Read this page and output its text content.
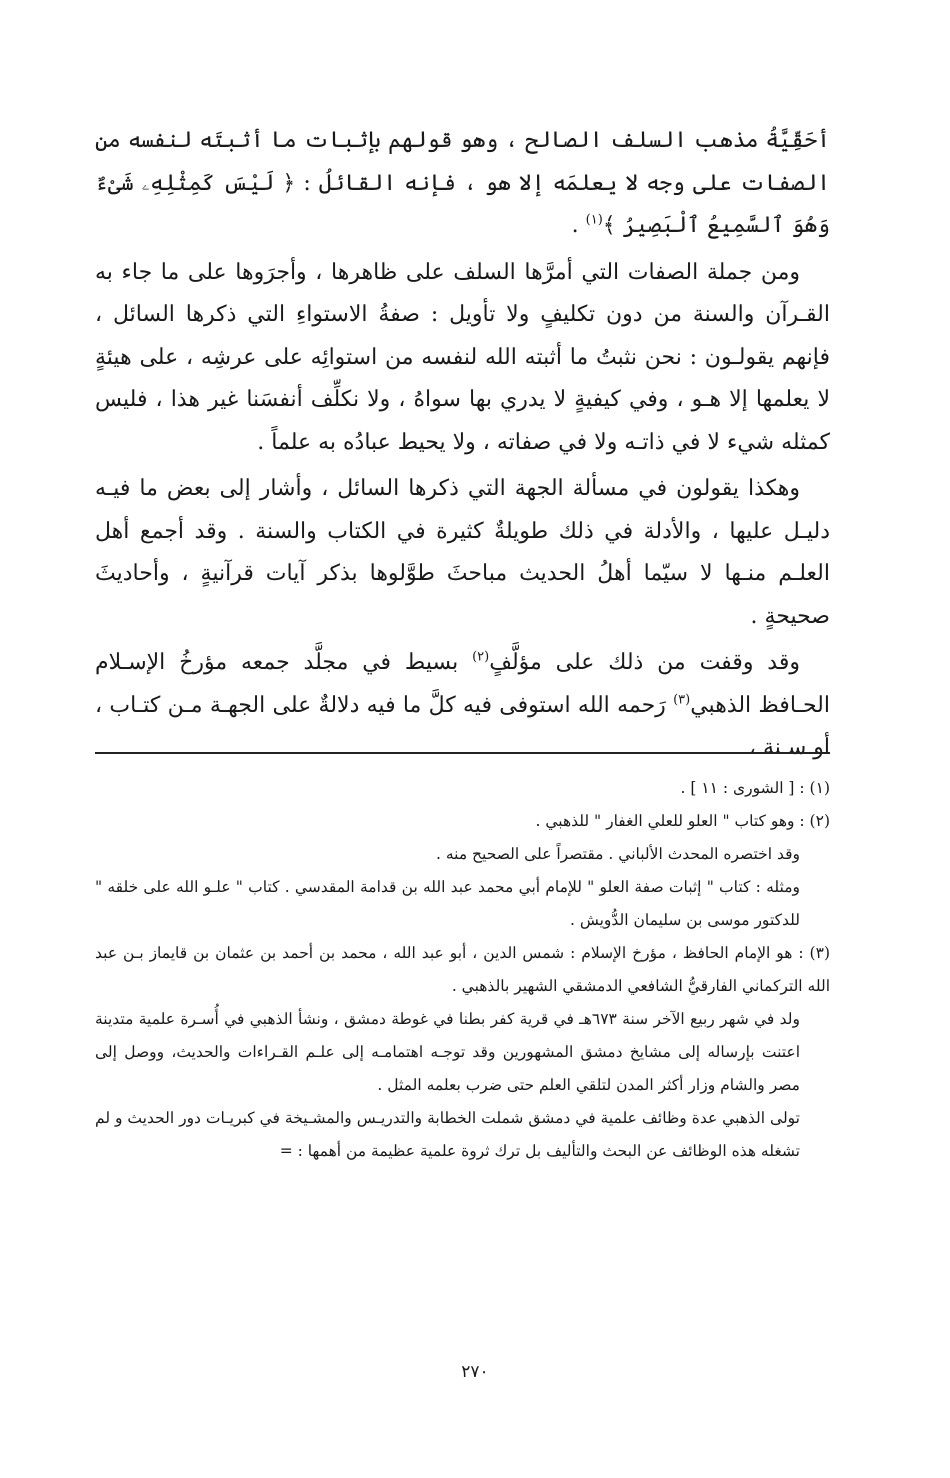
أحَقِّيَّةُ مذهب السلف الصالح ، وهو قولهم بإثبات ما أثبتَه لنفسه من الصفات على وجه لا يعلمَه إلا هو ، فإنه القائلُ : ﴿ لَيْسَ كَمِثْلِهِۦ شَىْءٌ وَهُوَ ٱلسَّمِيعُ ٱلْبَصِيرُ ﴾$^{(١)}$ .

ومن جملة الصفات التي أمرَّها السلف على ظاهرها ، وأجرَوها على ما جاء به القـرآن والسنة من دون تكليفٍ ولا تأويل : صفةُ الاستواءِ التي ذكرها السائل ، فإنهم يقولـون : نحن نثبتُ ما أثبته الله لنفسه من استوائِه على عرشِه ، على هيئةٍ لا يعلمها إلا هـو ، وفي كيفيةٍ لا يدري بها سواهُ ، ولا نكلِّف أنفسَنا غير هذا ، فليس كمثله شيء لا في ذاتـه ولا في صفاته ، ولا يحيط عبادُه به علماً .

وهكذا يقولون في مسألة الجهة التي ذكرها السائل ، وأشار إلى بعض ما فيـه دليـل عليها ، والأدلة في ذلك طويلةٌ كثيرة في الكتاب والسنة . وقد أجمع أهل العلـم منـها لا سيّما أهلُ الحديث مباحثَ طوَّلوها بذكر آيات قرآنيةٍ ، وأحاديثَ صحيحةٍ .

وقد وقفت من ذلك على مؤلَّفٍ$^{(٢)}$ بسيط في مجلَّد جمعه مؤرخُ الإسـلام الحـافظ الذهبي$^{(٣)}$ رَحمه الله استوفى فيه كلَّ ما فيه دلالةٌ على الجهـة مـن كتـاب ، أو سـنة ،

(١) : [ الشورى : ١١ ] .

(٢) : وهو كتاب " العلو للعلي الغفار " للذهبي .

وقد اختصره المحدث الألباني . مقتصراً على الصحيح منه .

ومثله : كتاب " إثبات صفة العلو " للإمام أبي محمد عبد الله بن قدامة المقدسي . كتاب " علـو الله على خلقه " للدكتور موسى بن سليمان الدُّويش .

(٣) : هو الإمام الحافظ ، مؤرخ الإسلام : شمس الدين ، أبو عبد الله ، محمد بن أحمد بن عثمان بن قايماز بـن عبد الله التركماني الفارقيُّ الشافعي الدمشقي الشهير بالذهبي .

ولد في شهر ربيع الآخر سنة ٦٧٣هـ في قرية كفر بطنا في غوطة دمشق ، ونشأ الذهبي في أُسـرة علمية متدينة اعتنت بإرساله إلى مشايخ دمشق المشهورين وقد توجـه اهتمامـه إلى علـم القـراءات والحديث، ووصل إلى مصر والشام وزار أكثر المدن لتلقي العلم حتى ضرب بعلمه المثل .

تولى الذهبي عدة وظائف علمية في دمشق شملت الخطابة والتدريـس والمشـيخة في كبريـات دور الحديث و لم تشغله هذه الوظائف عن البحث والتأليف بل ترك ثروة علمية عظيمة من أهمها : =

٢٧٠
